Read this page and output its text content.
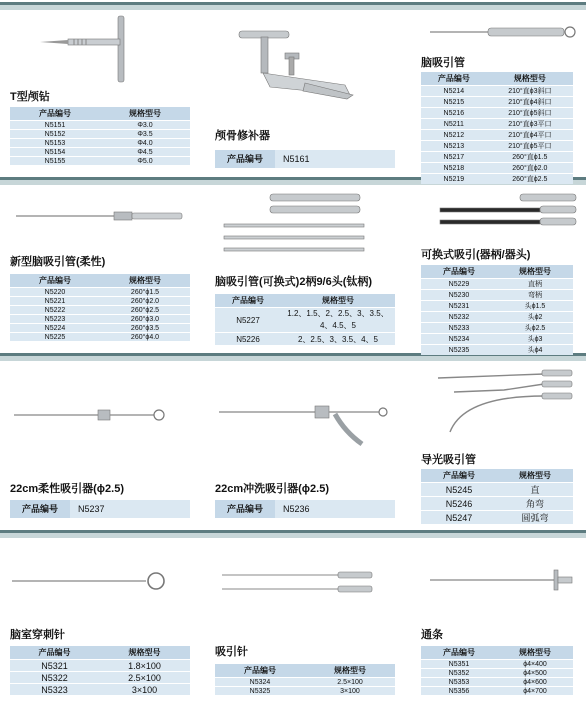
T型颅钻
产品编号	规格型号
N5151	Φ3.0
N5152	Φ3.5
N5153	Φ4.0
N5154	Φ4.5
N5155	Φ5.0
颅骨修补器
产品编号	N5161
脑吸引管
产品编号	规格型号
N5214	210°直ϕ3斜口
N5215	210°直ϕ4斜口
N5216	210°直ϕ5斜口
N5211	210°直ϕ3平口
N5212	210°直ϕ4平口
N5213	210°直ϕ5平口
N5217	260°直ϕ1.5
N5218	260°直ϕ2.0
N5219	260°直ϕ2.5
新型脑吸引管(柔性)
产品编号	规格型号
N5220	260°ϕ1.5
N5221	260°ϕ2.0
N5222	260°ϕ2.5
N5223	260°ϕ3.0
N5224	260°ϕ3.5
N5225	260°ϕ4.0
脑吸引管(可换式)2柄9/6头(钛柄)
产品编号	规格型号
N5227	1.2、1.5、2、2.5、3、3.5、4、4.5、5
N5226	2、2.5、3、3.5、4、5
可换式吸引(器柄/器头)
产品编号	规格型号
N5229	直柄
N5230	弯柄
N5231	头ϕ1.5
N5232	头ϕ2
N5233	头ϕ2.5
N5234	头ϕ3
N5235	头ϕ4
22cm柔性吸引器(ϕ2.5)
产品编号	N5237
22cm冲洗吸引器(ϕ2.5)
产品编号	N5236
导光吸引管
产品编号	规格型号
N5245	直
N5246	角弯
N5247	圆弧弯
脑室穿刺针
产品编号	规格型号
N5321	1.8×100
N5322	2.5×100
N5323	3×100
吸引针
产品编号	规格型号
N5324	2.5×100
N5325	3×100
通条
产品编号	规格型号
N5351	ϕ4×400
N5352	ϕ4×500
N5353	ϕ4×600
N5356	ϕ4×700
